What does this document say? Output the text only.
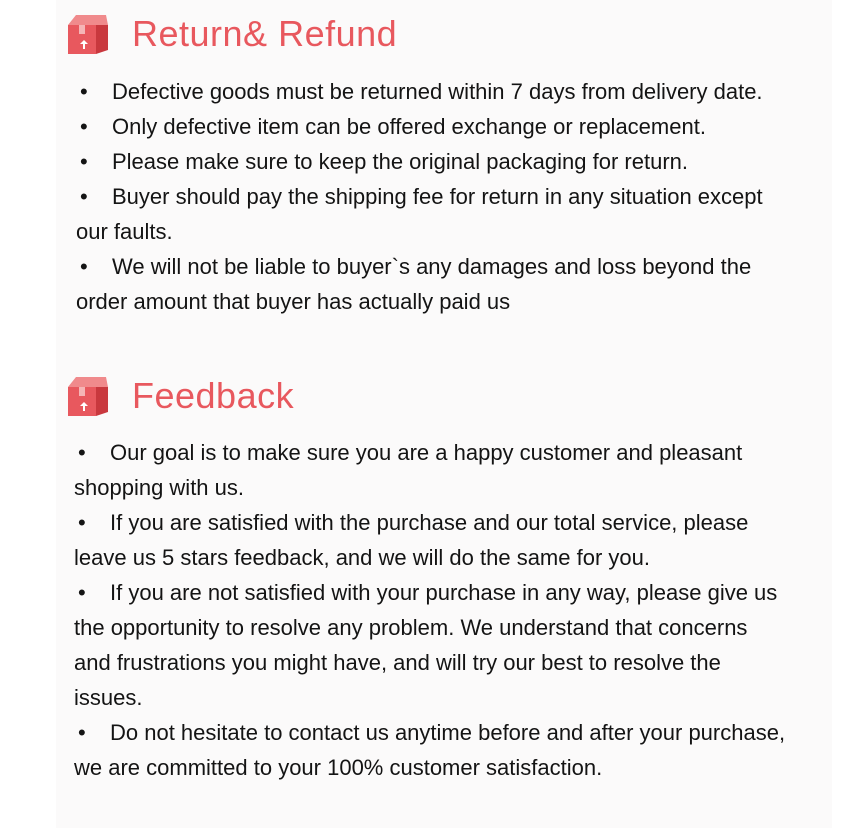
Return& Refund
• Defective goods must be returned within 7 days from delivery date.
• Only defective item can be offered exchange or replacement.
• Please make sure to keep the original packaging for return.
• Buyer should pay the shipping fee for return in any situation except our faults.
• We will not be liable to buyer`s any damages and loss beyond the order amount that buyer has actually paid us
Feedback
• Our goal is to make sure you are a happy customer and pleasant shopping with us.
• If you are satisfied with the purchase and our total service, please leave us 5 stars feedback, and we will do the same for you.
• If you are not satisfied with your purchase in any way, please give us the opportunity to resolve any problem. We understand that concerns and frustrations you might have, and will try our best to resolve the issues.
• Do not hesitate to contact us anytime before and after your purchase, we are committed to your 100% customer satisfaction.
